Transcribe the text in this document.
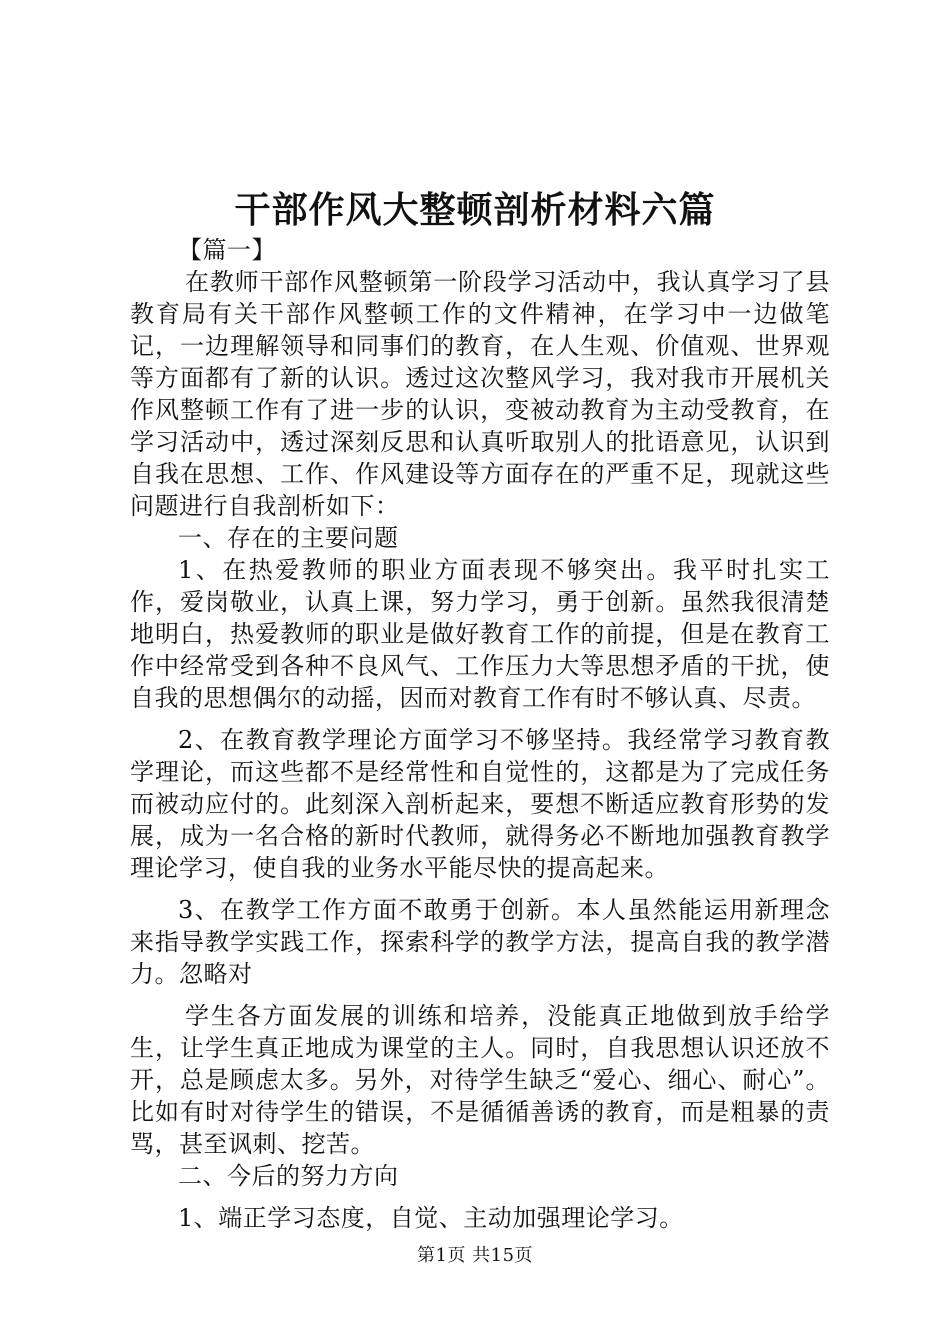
干部作风大整顿剖析材料六篇

【篇一】

在教师干部作风整顿第一阶段学习活动中，我认真学习了县教育局有关干部作风整顿工作的文件精神，在学习中一边做笔记，一边理解领导和同事们的教育，在人生观、价值观、世界观等方面都有了新的认识。透过这次整风学习，我对我市开展机关作风整顿工作有了进一步的认识，变被动教育为主动受教育，在学习活动中，透过深刻反思和认真听取别人的批语意见，认识到自我在思想、工作、作风建设等方面存在的严重不足，现就这些问题进行自我剖析如下：

一、存在的主要问题

1、在热爱教师的职业方面表现不够突出。我平时扎实工作，爱岗敬业，认真上课，努力学习，勇于创新。虽然我很清楚地明白，热爱教师的职业是做好教育工作的前提，但是在教育工作中经常受到各种不良风气、工作压力大等思想矛盾的干扰，使自我的思想偶尔的动摇，因而对教育工作有时不够认真、尽责。

2、在教育教学理论方面学习不够坚持。我经常学习教育教学理论，而这些都不是经常性和自觉性的，这都是为了完成任务而被动应付的。此刻深入剖析起来，要想不断适应教育形势的发展，成为一名合格的新时代教师，就得务必不断地加强教育教学理论学习，使自我的业务水平能尽快的提高起来。

3、在教学工作方面不敢勇于创新。本人虽然能运用新理念来指导教学实践工作，探索科学的教学方法，提高自我的教学潜力。忽略对

学生各方面发展的训练和培养，没能真正地做到放手给学生，让学生真正地成为课堂的主人。同时，自我思想认识还放不开，总是顾虑太多。另外，对待学生缺乏“爱心、细心、耐心”。比如有时对待学生的错误，不是循循善诱的教育，而是粗暴的责骂，甚至讽刺、挖苦。

二、今后的努力方向

1、端正学习态度，自觉、主动加强理论学习。

第1页 共15页
